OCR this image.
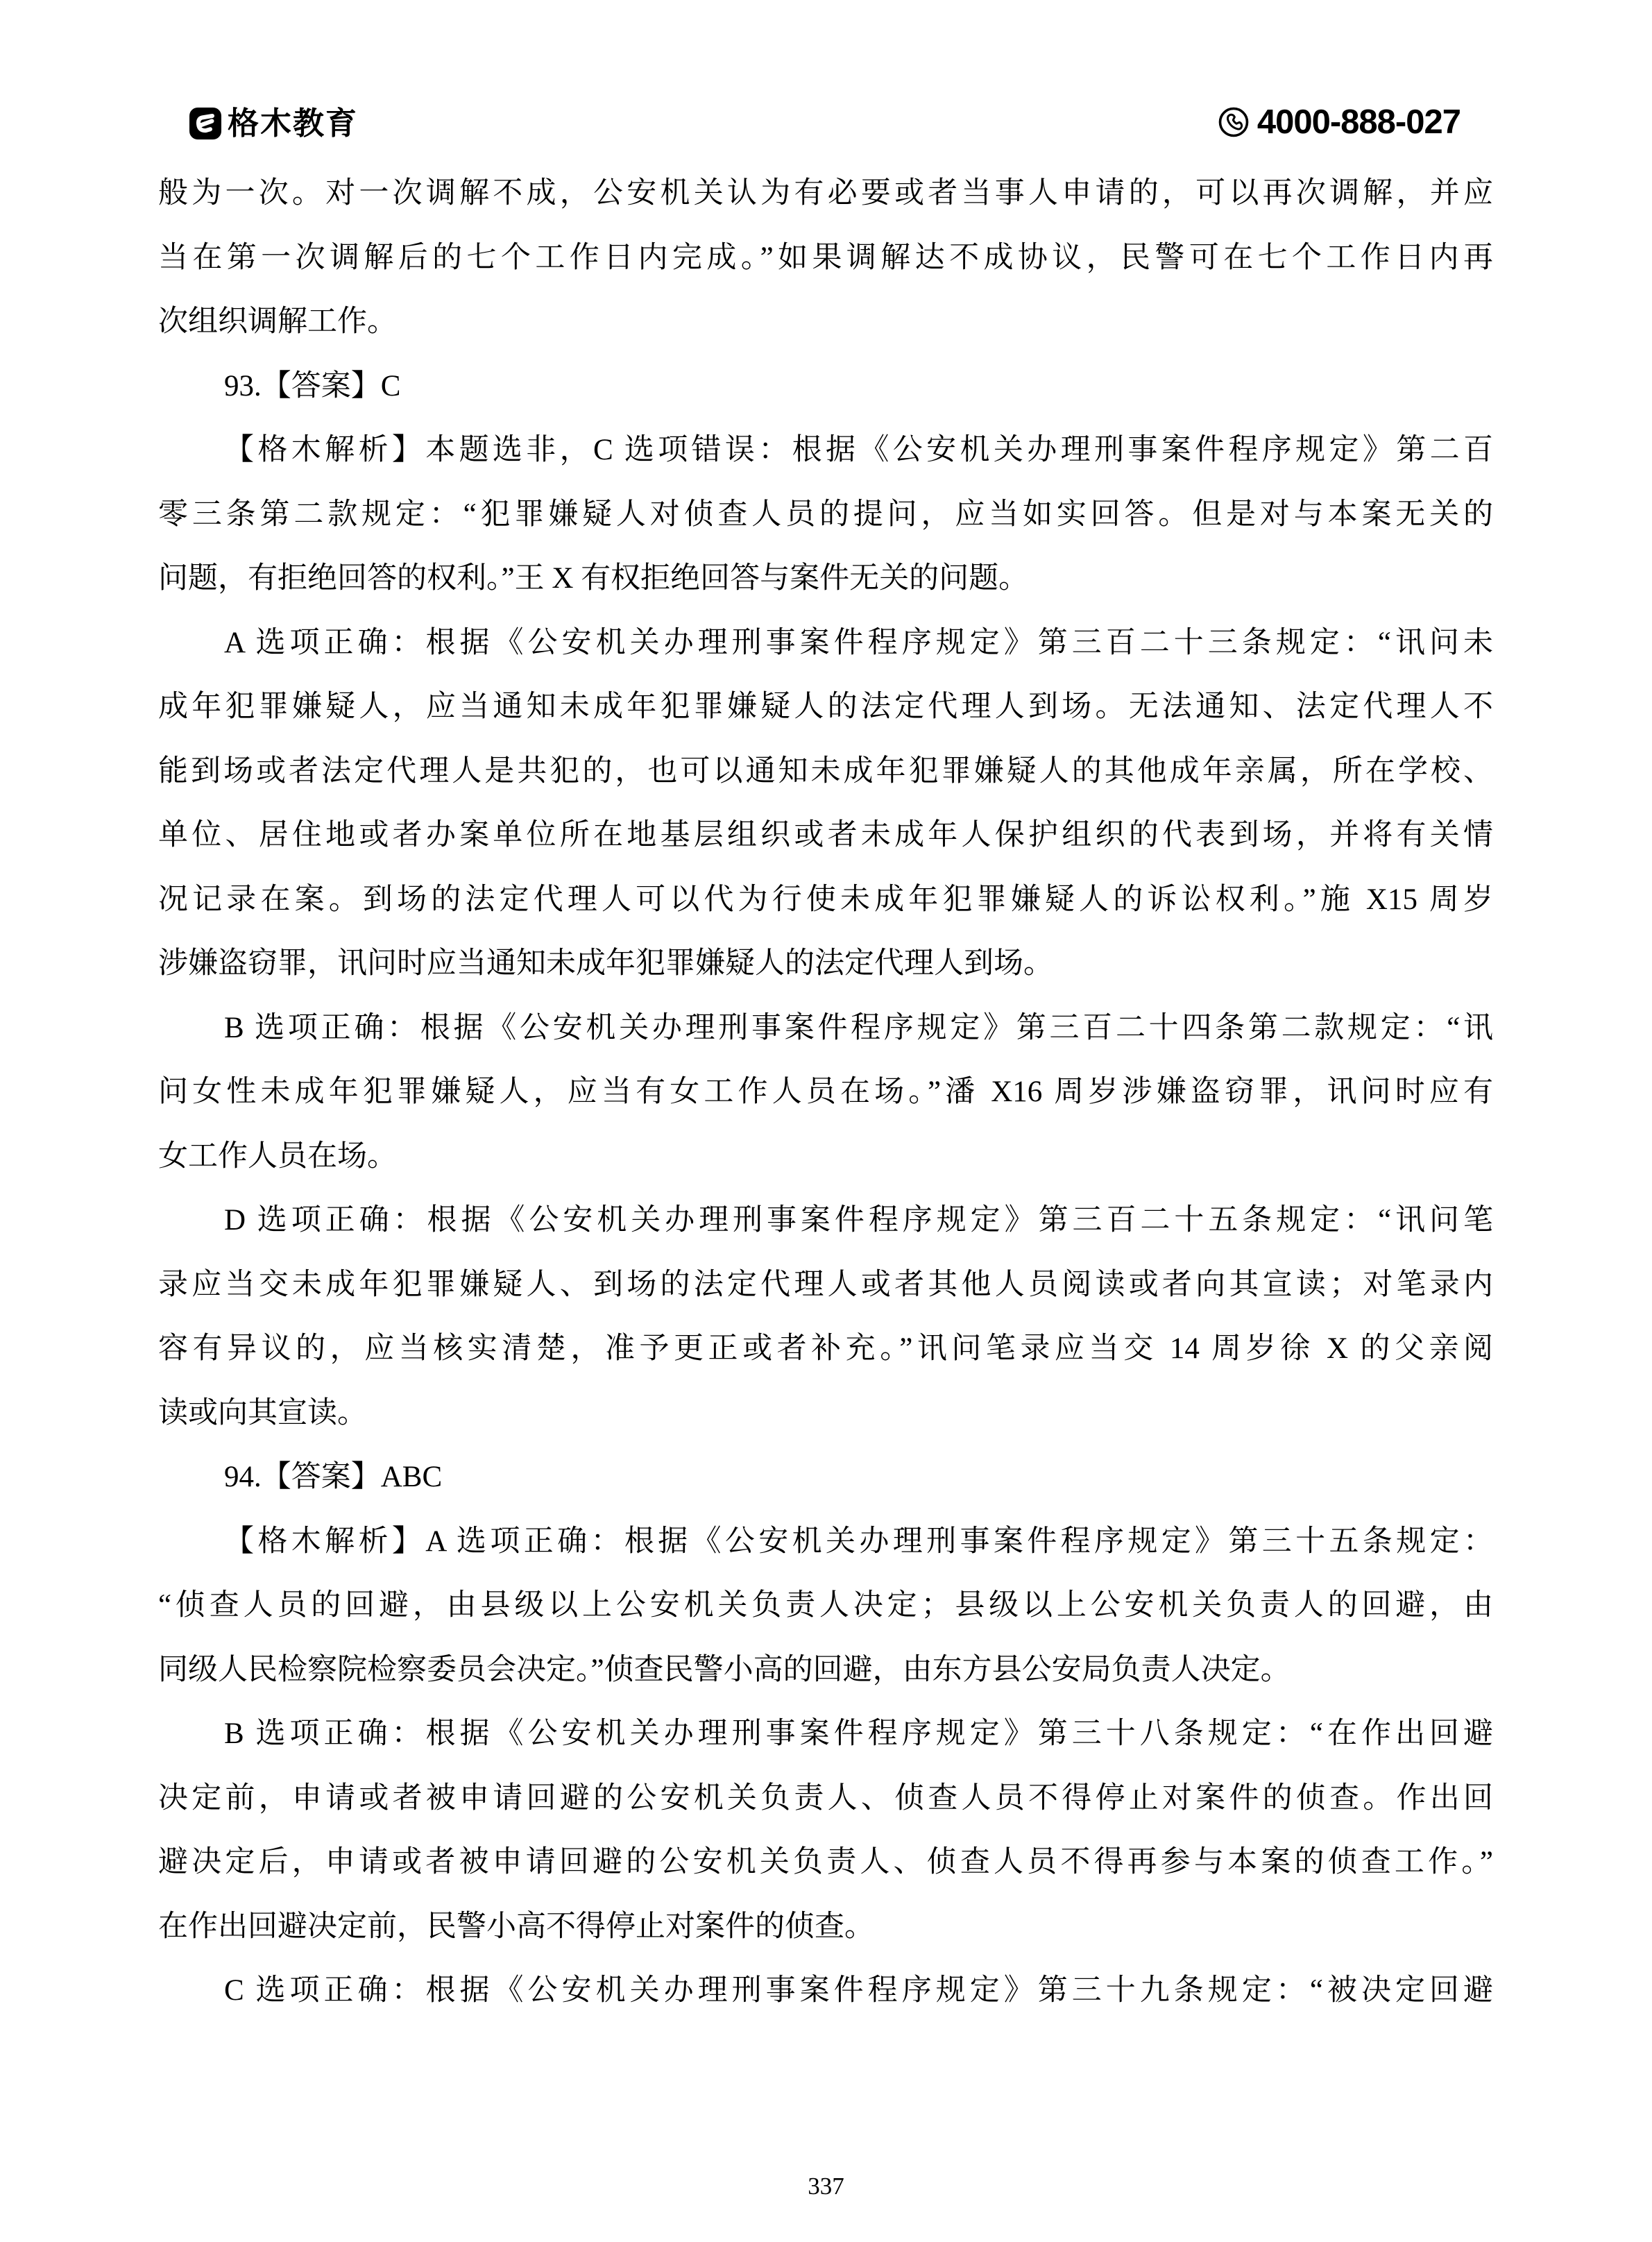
格木教育	4000-888-027
般为一次。对一次调解不成，公安机关认为有必要或者当事人申请的，可以再次调解，并应
当在第一次调解后的七个工作日内完成。”如果调解达不成协议，民警可在七个工作日内再
次组织调解工作。
93.【答案】C
【格木解析】本题选非，C 选项错误：根据《公安机关办理刑事案件程序规定》第二百
零三条第二款规定：“犯罪嫌疑人对侦查人员的提问，应当如实回答。但是对与本案无关的
问题，有拒绝回答的权利。”王 X 有权拒绝回答与案件无关的问题。
A 选项正确：根据《公安机关办理刑事案件程序规定》第三百二十三条规定：“讯问未
成年犯罪嫌疑人，应当通知未成年犯罪嫌疑人的法定代理人到场。无法通知、法定代理人不
能到场或者法定代理人是共犯的，也可以通知未成年犯罪嫌疑人的其他成年亲属，所在学校、
单位、居住地或者办案单位所在地基层组织或者未成年人保护组织的代表到场，并将有关情
况记录在案。到场的法定代理人可以代为行使未成年犯罪嫌疑人的诉讼权利。”施 X15 周岁
涉嫌盗窃罪，讯问时应当通知未成年犯罪嫌疑人的法定代理人到场。
B 选项正确：根据《公安机关办理刑事案件程序规定》第三百二十四条第二款规定：“讯
问女性未成年犯罪嫌疑人，应当有女工作人员在场。”潘 X16 周岁涉嫌盗窃罪，讯问时应有
女工作人员在场。
D 选项正确：根据《公安机关办理刑事案件程序规定》第三百二十五条规定：“讯问笔
录应当交未成年犯罪嫌疑人、到场的法定代理人或者其他人员阅读或者向其宣读；对笔录内
容有异议的，应当核实清楚，准予更正或者补充。”讯问笔录应当交 14 周岁徐 X 的父亲阅
读或向其宣读。
94.【答案】ABC
【格木解析】A 选项正确：根据《公安机关办理刑事案件程序规定》第三十五条规定：
“侦查人员的回避，由县级以上公安机关负责人决定；县级以上公安机关负责人的回避，由
同级人民检察院检察委员会决定。”侦查民警小高的回避，由东方县公安局负责人决定。
B 选项正确：根据《公安机关办理刑事案件程序规定》第三十八条规定：“在作出回避
决定前，申请或者被申请回避的公安机关负责人、侦查人员不得停止对案件的侦查。作出回
避决定后，申请或者被申请回避的公安机关负责人、侦查人员不得再参与本案的侦查工作。”
在作出回避决定前，民警小高不得停止对案件的侦查。
C 选项正确：根据《公安机关办理刑事案件程序规定》第三十九条规定：“被决定回避
337
